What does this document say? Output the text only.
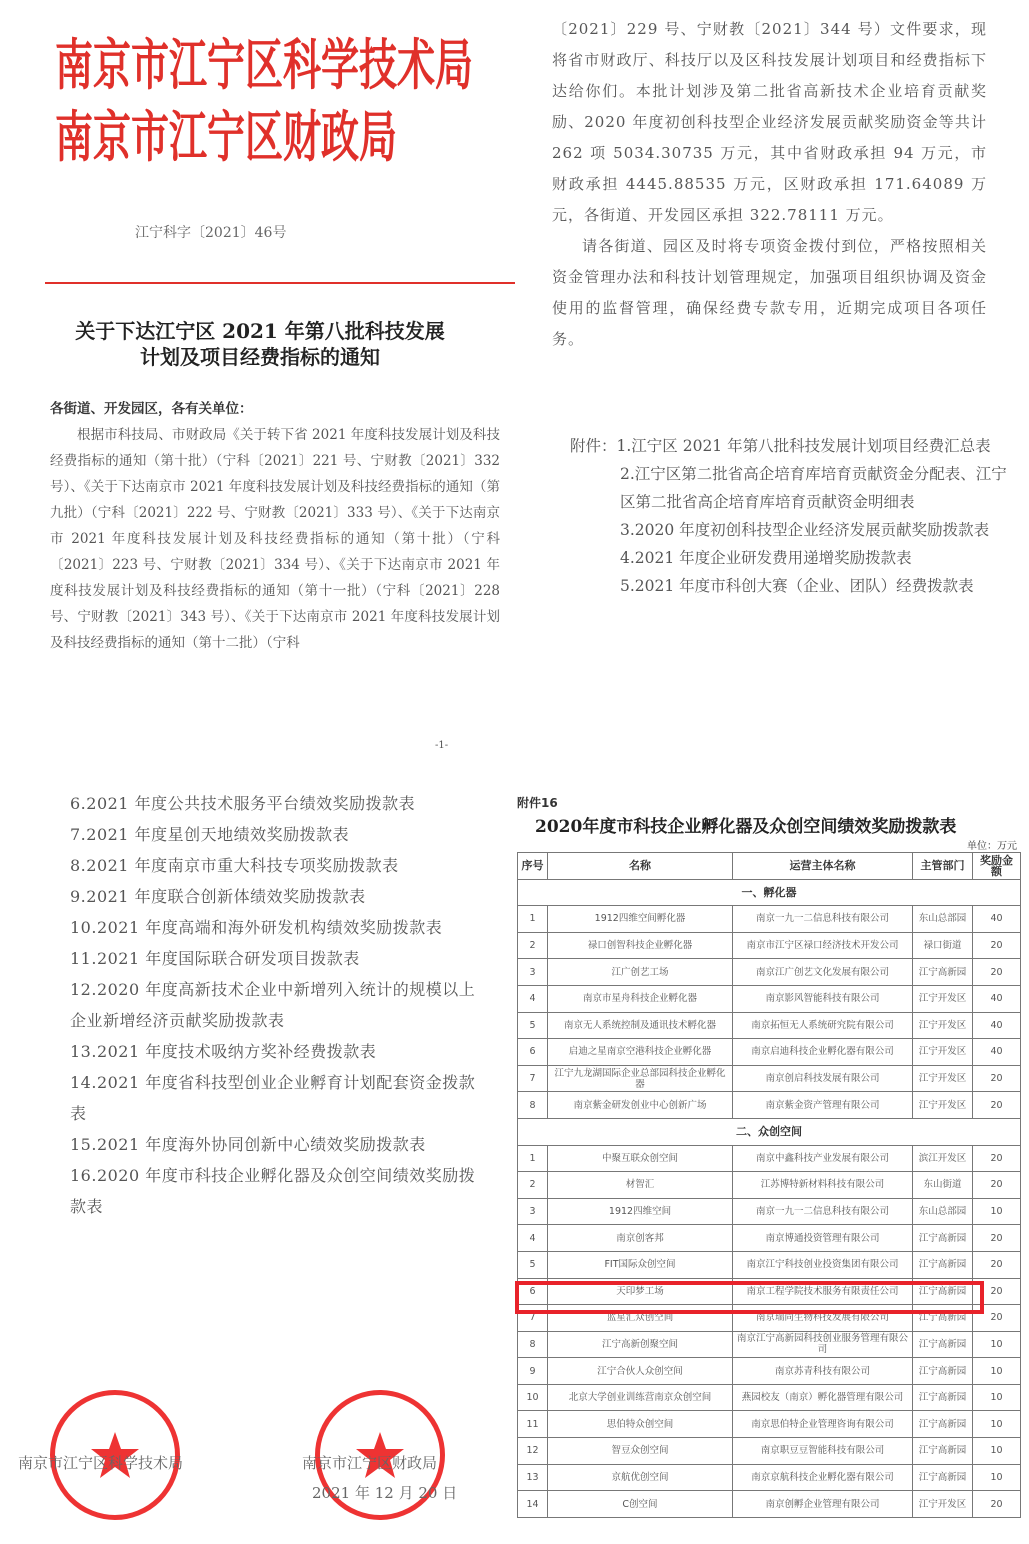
南京市江宁区科学技术局
南京市江宁区财政局
江宁科字〔2021〕46号
关于下达江宁区 2021 年第八批科技发展
计划及项目经费指标的通知
各街道、开发园区，各有关单位：
根据市科技局、市财政局《关于转下省 2021 年度科技发展计划及科技经费指标的通知（第十批）（宁科〔2021〕221 号、宁财教〔2021〕332 号）、《关于下达南京市 2021 年度科技发展计划及科技经费指标的通知（第九批）（宁科〔2021〕222 号、宁财教〔2021〕333 号）、《关于下达南京市 2021 年度科技发展计划及科技经费指标的通知（第十批）（宁科〔2021〕223 号、宁财教〔2021〕334 号）、《关于下达南京市 2021 年度科技发展计划及科技经费指标的通知（第十一批）（宁科〔2021〕228 号、宁财教〔2021〕343 号）、《关于下达南京市 2021 年度科技发展计划及科技经费指标的通知（第十二批）（宁科
-1-
〔2021〕229 号、宁财教〔2021〕344 号）文件要求，现将省市财政厅、科技厅以及区科技发展计划项目和经费指标下达给你们。本批计划涉及第二批省高新技术企业培育贡献奖励、2020 年度初创科技型企业经济发展贡献奖励资金等共计 262 项 5034.30735 万元，其中省财政承担 94 万元，市财政承担 4445.88535 万元，区财政承担 171.64089 万元，各街道、开发园区承担 322.78111 万元。
请各街道、园区及时将专项资金拨付到位，严格按照相关资金管理办法和科技计划管理规定，加强项目组织协调及资金使用的监督管理，确保经费专款专用，近期完成项目各项任务。
附件：1.江宁区 2021 年第八批科技发展计划项目经费汇总表
2.江宁区第二批省高企培育库培育贡献资金分配表、江宁区第二批省高企培育库培育贡献资金明细表
3.2020 年度初创科技型企业经济发展贡献奖励拨款表
4.2021 年度企业研发费用递增奖励拨款表
5.2021 年度市科创大赛（企业、团队）经费拨款表
6.2021 年度公共技术服务平台绩效奖励拨款表
7.2021 年度星创天地绩效奖励拨款表
8.2021 年度南京市重大科技专项奖励拨款表
9.2021 年度联合创新体绩效奖励拨款表
10.2021 年度高端和海外研发机构绩效奖励拨款表
11.2021 年度国际联合研发项目拨款表
12.2020 年度高新技术企业中新增列入统计的规模以上企业新增经济贡献奖励拨款表
13.2021 年度技术吸纳方奖补经费拨款表
14.2021 年度省科技型创业企业孵育计划配套资金拨款表
15.2021 年度海外协同创新中心绩效奖励拨款表
16.2020 年度市科技企业孵化器及众创空间绩效奖励拨款表
南京市江宁区科学技术局	南京市江宁区财政局
2021 年 12 月 20 日
附件16
2020年度市科技企业孵化器及众创空间绩效奖励拨款表
单位：万元
序号	名称	运营主体名称	主管部门	奖励金额
一、孵化器				
1	1912四维空间孵化器	南京一九一二信息科技有限公司	东山总部园	40
2	禄口创智科技企业孵化器	南京市江宁区禄口经济技术开发公司	禄口街道	20
3	江广创艺工场	南京江广创艺文化发展有限公司	江宁高新园	20
4	南京市星舟科技企业孵化器	南京影风智能科技有限公司	江宁开发区	40
5	南京无人系统控制及通讯技术孵化器	南京拓恒无人系统研究院有限公司	江宁开发区	40
6	启迪之星南京空港科技企业孵化器	南京启迪科技企业孵化器有限公司	江宁开发区	40
7	江宁九龙湖国际企业总部园科技企业孵化器	南京创启科技发展有限公司	江宁开发区	20
8	南京紫金研发创业中心创新广场	南京紫金资产管理有限公司	江宁开发区	20
二、众创空间				
1	中聚互联众创空间	南京中鑫科技产业发展有限公司	滨江开发区	20
2	材智汇	江苏博特新材料科技有限公司	东山街道	20
3	1912四维空间	南京一九一二信息科技有限公司	东山总部园	10
4	南京创客邦	南京博通投资管理有限公司	江宁高新园	20
5	FIT国际众创空间	南京江宁科技创业投资集团有限公司	江宁高新园	20
6	天印梦工场	南京工程学院技术服务有限责任公司	江宁高新园	20
7	蓝星汇众创空间	南京瑞尚生物科技发展有限公司	江宁高新园	20
8	江宁高新创聚空间	南京江宁高新园科技创业服务管理有限公司	江宁高新园	10
9	江宁合伙人众创空间	南京苏青科技有限公司	江宁高新园	10
10	北京大学创业训练营南京众创空间	燕园校友（南京）孵化器管理有限公司	江宁高新园	10
11	思伯特众创空间	南京思伯特企业管理咨询有限公司	江宁高新园	10
12	智豆众创空间	南京职豆豆智能科技有限公司	江宁高新园	10
13	京航优创空间	南京京航科技企业孵化器有限公司	江宁高新园	10
14	C创空间	南京创孵企业管理有限公司	江宁开发区	20
